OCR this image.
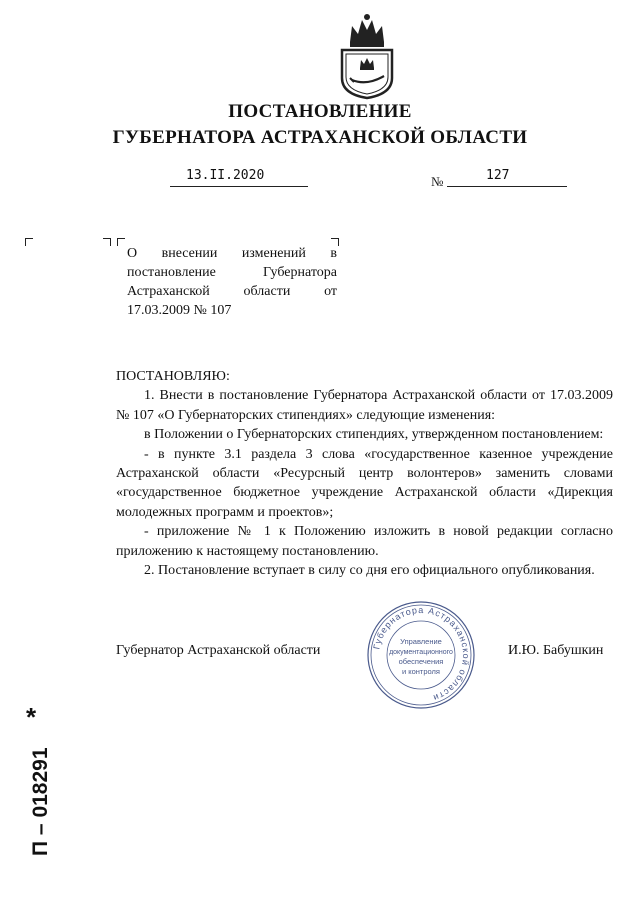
ПОСТАНОВЛЕНИЕ
ГУБЕРНАТОРА АСТРАХАНСКОЙ ОБЛАСТИ
13.II.2020	№	127
О внесении изменений в постановление Губернатора Астраханской области от 17.03.2009 № 107

ПОСТАНОВЛЯЮ:

1. Внести в постановление Губернатора Астраханской области от 17.03.2009 № 107 «О Губернаторских стипендиях» следующие изменения:

в Положении о Губернаторских стипендиях, утвержденном постановлением:

- в пункте 3.1 раздела 3 слова «государственное казенное учреждение Астраханской области «Ресурсный центр волонтеров» заменить словами «государственное бюджетное учреждение Астраханской области «Дирекция молодежных программ и проектов»;

- приложение № 1 к Положению изложить в новой редакции согласно приложению к настоящему постановлению.

2. Постановление вступает в силу со дня его официального опубликования.

Губернатор Астраханской области	И.Ю. Бабушкин
Губернатора Астраханской области
Управление
документационного
обеспечения
и контроля
П – 018291
*
